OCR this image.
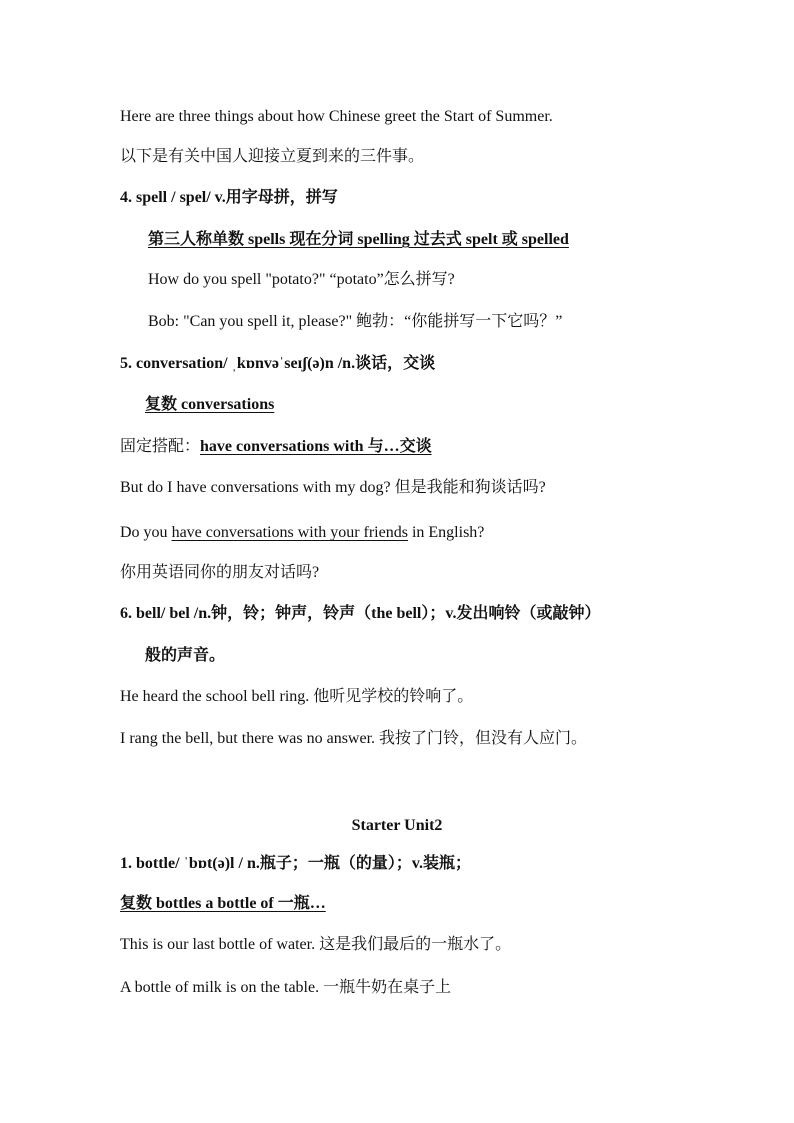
Here are three things about how Chinese greet the Start of Summer.
以下是有关中国人迎接立夏到来的三件事。
4. spell / spel/ v.用字母拼，拼写
第三人称单数 spells 现在分词 spelling 过去式 spelt 或 spelled
How do you spell "potato?" “potato”怎么拼写?
Bob: "Can you spell it, please?" 鲍勃：“你能拼写一下它吗？”
5. conversation/ ˌkɒnvəˈseɪʃ(ə)n /n.谈话，交谈
复数 conversations
固定搭配：have conversations with 与…交谈
But do I have conversations with my dog? 但是我能和狗谈话吗?
Do you have conversations with your friends in English?
你用英语同你的朋友对话吗?
6. bell/ bel /n.钟，铃；钟声，铃声（the bell）；v.发出响铃（或敲钟）
般的声音。
He heard the school bell ring. 他听见学校的铃响了。
I rang the bell, but there was no answer. 我按了门铃，但没有人应门。
Starter Unit2
1. bottle/ ˈbɒt(ə)l / n.瓶子；一瓶（的量）；v.装瓶；
复数 bottles a bottle of 一瓶…
This is our last bottle of water. 这是我们最后的一瓶水了。
A bottle of milk is on the table. 一瓶牛奶在桌子上
